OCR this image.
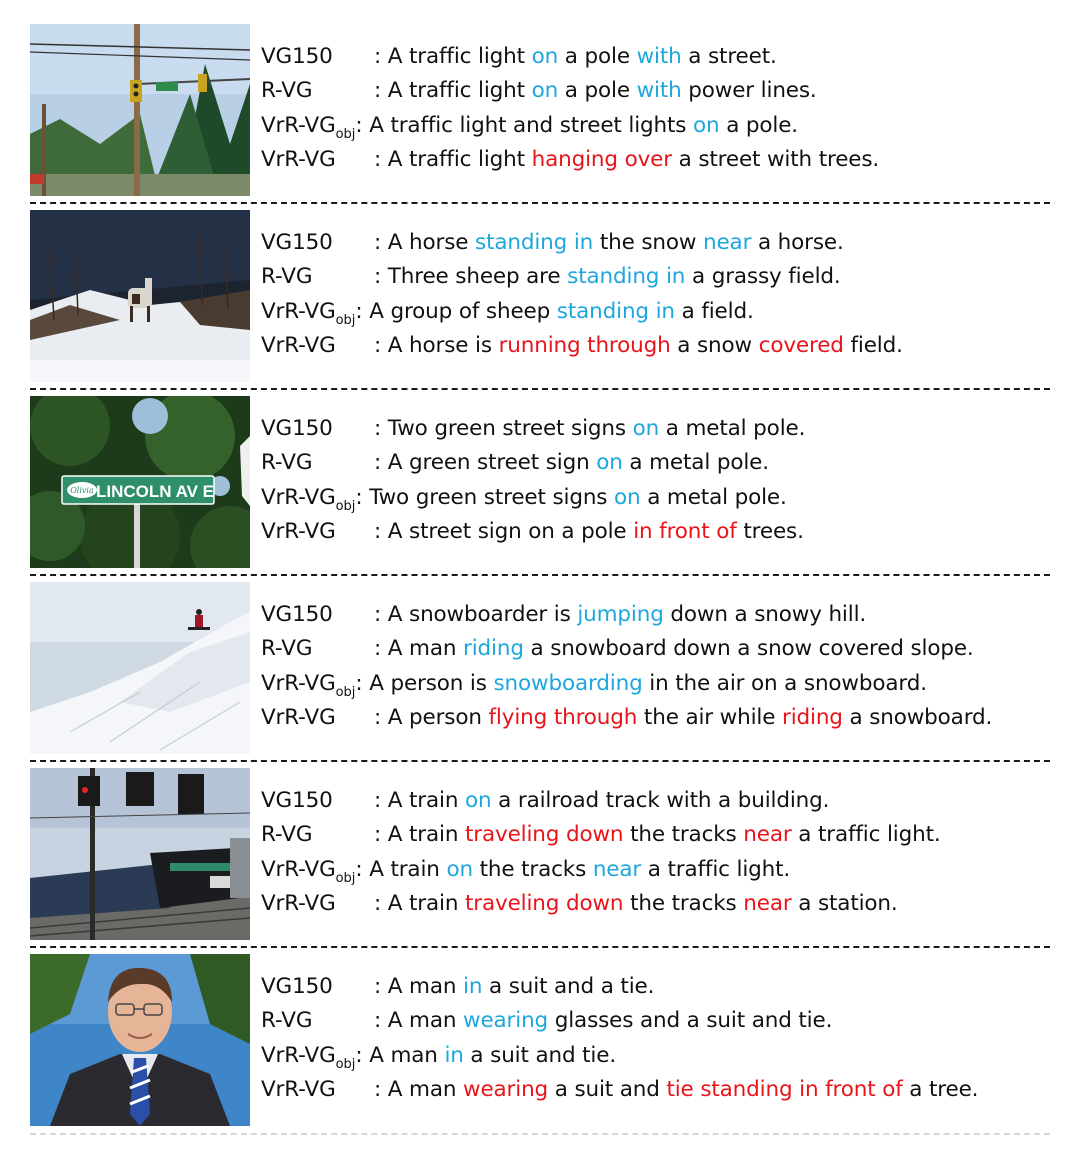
VG150 : A traffic light on a pole with a street.
R-VG	: A traffic light on a pole with power lines.
VrR-$VG_{obj}$: A traffic light and street lights on a pole.
VrR-VG : A traffic light hanging over a street with trees.
VG150 : A horse standing in the snow near a horse.
R-VG	: Three sheep are standing in a grassy field.
VrR-$VG_{obj}$: A group of sheep standing in a field.
VrR-VG : A horse is running through a snow covered field.
Olivia LINCOLN AV E
VG150 : Two green street signs on a metal pole.
R-VG	: A green street sign on a metal pole.
VrR-$VG_{obj}$: Two green street signs on a metal pole.
VrR-VG : A street sign on a pole in front of trees.
VG150 : A snowboarder is jumping down a snowy hill.
R-VG	: A man riding a snowboard down a snow covered slope.
VrR-$VG_{obj}$: A person is snowboarding in the air on a snowboard.
VrR-VG : A person flying through the air while riding a snowboard.
VG150 : A train on a railroad track with a building.
R-VG	: A train traveling down the tracks near a traffic light.
VrR-$VG_{obj}$: A train on the tracks near a traffic light.
VrR-VG : A train traveling down the tracks near a station.
VG150 : A man in a suit and a tie.
R-VG	: A man wearing glasses and a suit and tie.
VrR-$VG_{obj}$: A man in a suit and tie.
VrR-VG : A man wearing a suit and tie standing in front of a tree.
